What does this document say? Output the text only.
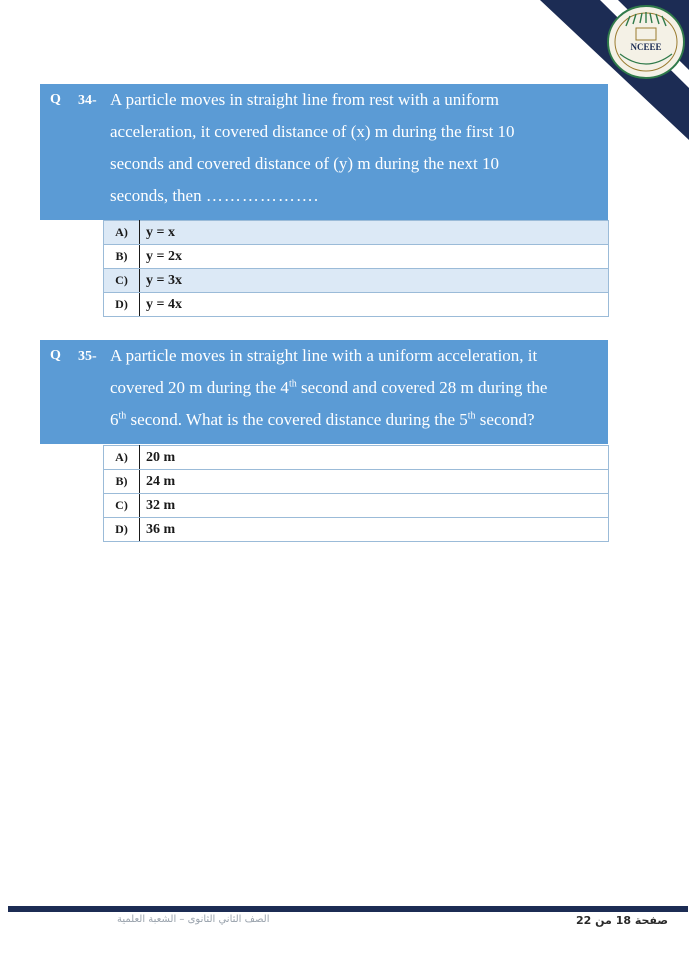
NCEEE
Q 34- A particle moves in straight line from rest with a uniform
acceleration, it covered distance of (x) m during the first 10
seconds and covered distance of (y) m during the next 10
seconds, then ……………….
A)	y = x
B)	y = 2x
C)	y = 3x
D)	y = 4x
Q 35- A particle moves in straight line with a uniform acceleration, it
covered 20 m during the 4th second and covered 28 m during the
6th second. What is the covered distance during the 5th second?
A)	20 m
B)	24 m
C)	32 m
D)	36 m
الصف الثاني الثانوى – الشعبة العلمية	صفحة 18 من 22
